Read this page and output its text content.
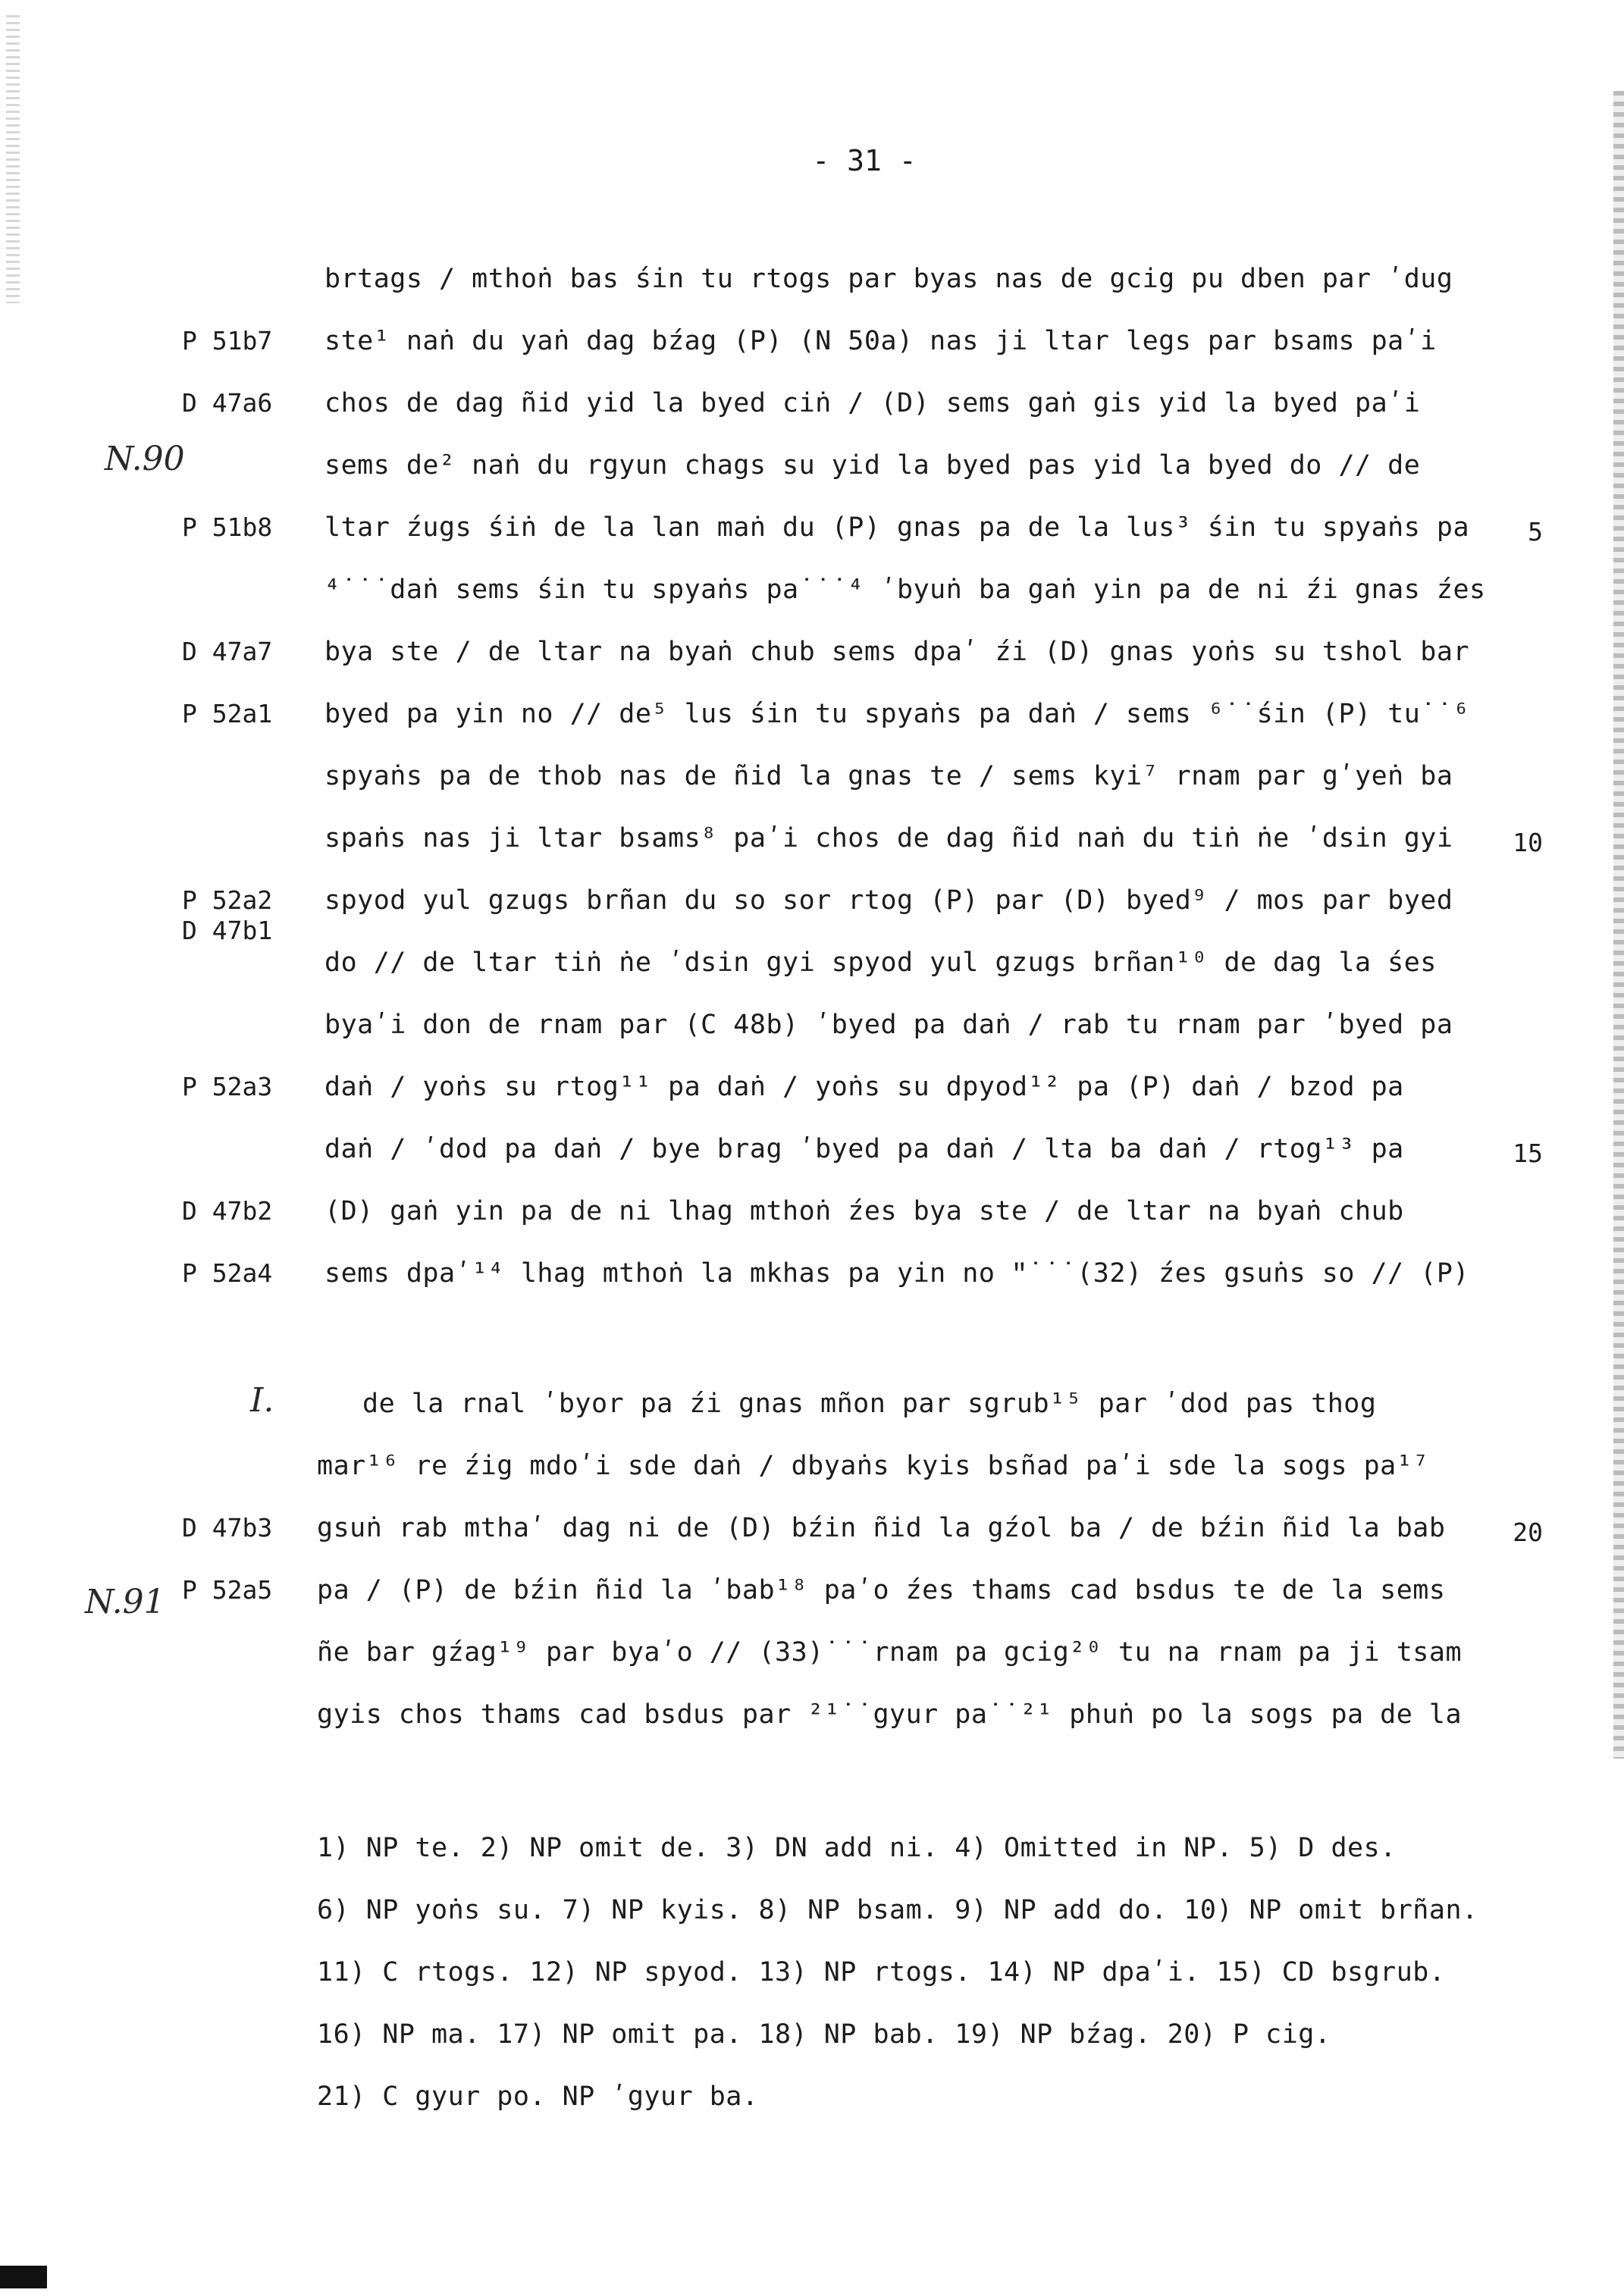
- 31 -
brtags / mthoṅ bas śin tu rtogs par byas nas de gcig pu dben par ʹdug
P 51b7 ste¹ naṅ du yaṅ dag bźag (P) (N 50a) nas ji ltar legs par bsams paʹi
D 47a6 chos de dag ñid yid la byed ciṅ / (D) sems gaṅ gis yid la byed paʹi
sems de² naṅ du rgyun chags su yid la byed pas yid la byed do // de
P 51b8 ltar źugs śiṅ de la lan maṅ du (P) gnas pa de la lus³ śin tu spyaṅs pa	5
⁴˙˙˙daṅ sems śin tu spyaṅs pa˙˙˙⁴ ʹbyuṅ ba gaṅ yin pa de ni źi gnas źes
D 47a7 bya ste / de ltar na byaṅ chub sems dpaʹ źi (D) gnas yoṅs su tshol bar
P 52a1 byed pa yin no // de⁵ lus śin tu spyaṅs pa daṅ / sems ⁶˙˙śin (P) tu˙˙⁶
spyaṅs pa de thob nas de ñid la gnas te / sems kyi⁷ rnam par gʹyeṅ ba
spaṅs nas ji ltar bsams⁸ paʹi chos de dag ñid naṅ du tiṅ ṅe ʹdsin gyi	10
P 52a2 spyod yul gzugs brñan du so sor rtog (P) par (D) byed⁹ / mos par byed
D 47b1
do // de ltar tiṅ ṅe ʹdsin gyi spyod yul gzugs brñan¹⁰ de dag la śes
byaʹi don de rnam par (C 48b) ʹbyed pa daṅ / rab tu rnam par ʹbyed pa
P 52a3 daṅ / yoṅs su rtog¹¹ pa daṅ / yoṅs su dpyod¹² pa (P) daṅ / bzod pa
daṅ / ʹdod pa daṅ / bye brag ʹbyed pa daṅ / lta ba daṅ / rtog¹³ pa	15
D 47b2 (D) gaṅ yin pa de ni lhag mthoṅ źes bya ste / de ltar na byaṅ chub
P 52a4 sems dpaʹ¹⁴ lhag mthoṅ la mkhas pa yin no ʺ˙˙˙(32) źes gsuṅs so // (P)
de la rnal ʹbyor pa źi gnas mñon par sgrub¹⁵ par ʹdod pas thog
mar¹⁶ re źig mdoʹi sde daṅ / dbyaṅs kyis bsñad paʹi sde la sogs pa¹⁷
D 47b3 gsuṅ rab mthaʹ dag ni de (D) bźin ñid la gźol ba / de bźin ñid la bab	20
P 52a5 pa / (P) de bźin ñid la ʹbab¹⁸ paʹo źes thams cad bsdus te de la sems
ñe bar gźag¹⁹ par byaʹo // (33)˙˙˙rnam pa gcig²⁰ tu na rnam pa ji tsam
gyis chos thams cad bsdus par ²¹˙˙gyur pa˙˙²¹ phuṅ po la sogs pa de la
N.90
I.
N.91
1) NP te. 2) NP omit de. 3) DN add ni. 4) Omitted in NP. 5) D des.
6) NP yoṅs su. 7) NP kyis. 8) NP bsam. 9) NP add do. 10) NP omit brñan.
11) C rtogs. 12) NP spyod. 13) NP rtogs. 14) NP dpaʹi. 15) CD bsgrub.
16) NP ma. 17) NP omit pa. 18) NP bab. 19) NP bźag. 20) P cig.
21) C gyur po. NP ʹgyur ba.
